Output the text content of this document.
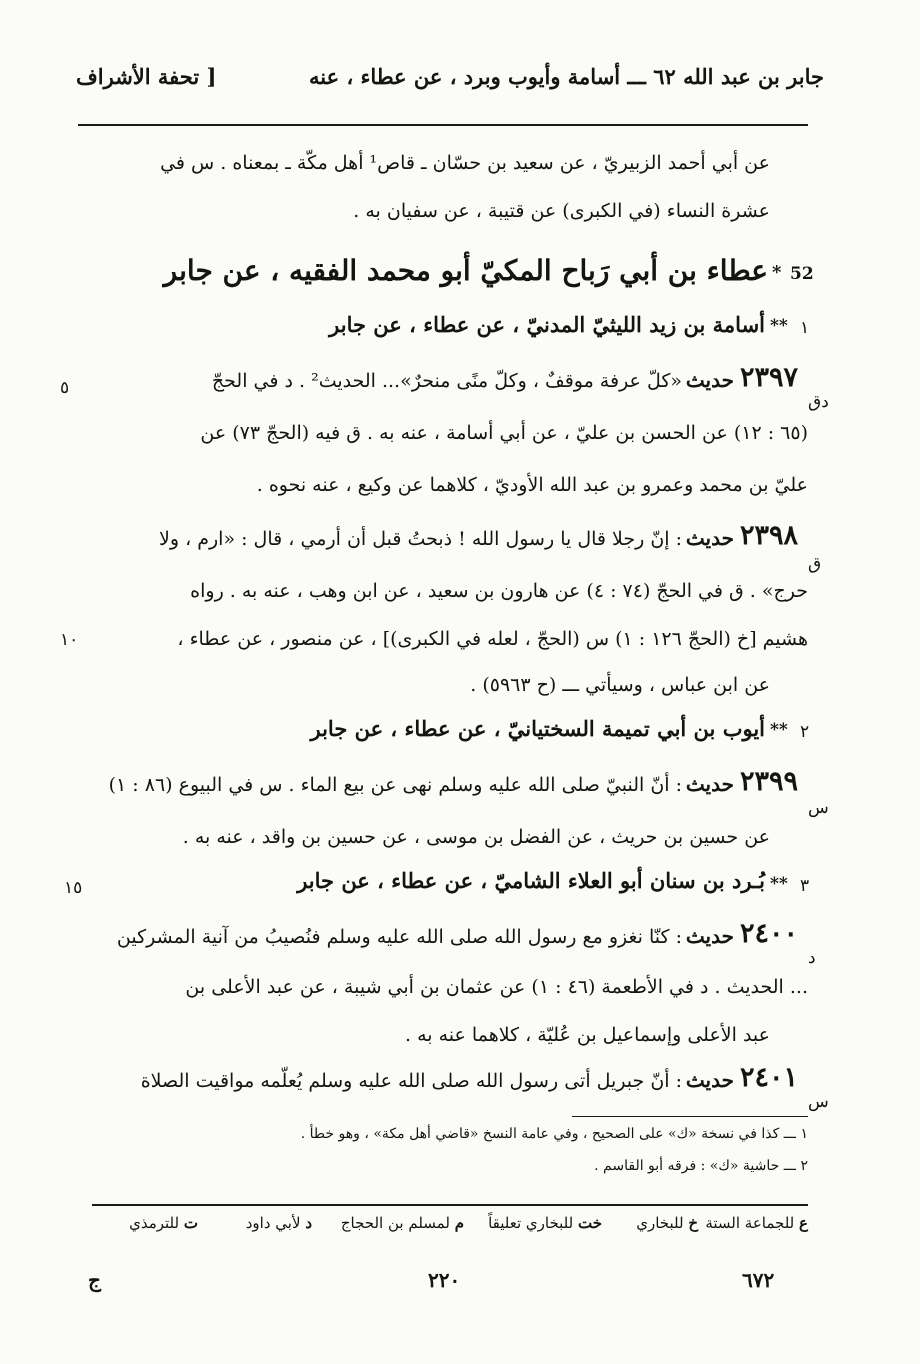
جابر بن عبد الله ٦٢ ـــ أسامة وأيوب وبرد ، عن عطاء ، عنه
[ تحفة الأشراف
عن أبي أحمد الزبيريّ ، عن سعيد بن حسّان ـ قاص¹ أهل مكّة ـ بمعناه . س في
عشرة النساء (في الكبرى) عن قتيبة ، عن سفيان به .
52
*
عطاء بن أبي رَباح المكيّ أبو محمد الفقيه ، عن جابر
١
**
أسامة بن زيد الليثيّ المدنيّ ، عن عطاء ، عن جابر
٢٣٩٧
حديث
دق
«كلّ عرفة موقفٌ ، وكلّ منًى منحرٌ»... الحديث² . د في الحجّ
(٦٥ : ١٢) عن الحسن بن عليّ ، عن أبي أسامة ، عنه به . ق فيه (الحجّ ٧٣) عن
عليّ بن محمد وعمرو بن عبد الله الأوديّ ، كلاهما عن وكيع ، عنه نحوه .
٥
٢٣٩٨
حديث
ق
: إنّ رجلا قال يا رسول الله ! ذبحتُ قبل أن أرمي ، قال : «ارم ، ولا
حرج» . ق في الحجّ (٧٤ : ٤) عن هارون بن سعيد ، عن ابن وهب ، عنه به . رواه
هشيم [خ (الحجّ ١٢٦ : ١) س (الحجّ ، لعله في الكبرى)] ، عن منصور ، عن عطاء ،
عن ابن عباس ، وسيأتي ـــ (ح ٥٩٦٣) .
٢
**
أيوب بن أبي تميمة السختيانيّ ، عن عطاء ، عن جابر
٢٣٩٩
حديث
س
: أنّ النبيّ صلى الله عليه وسلم نهى عن بيع الماء . س في البيوع (٨٦ : ١)
عن حسين بن حريث ، عن الفضل بن موسى ، عن حسين بن واقد ، عنه به .
٣
**
بُـرد بن سنان أبو العلاء الشاميّ ، عن عطاء ، عن جابر
١٥
١٠
٢٤٠٠
حديث
د
: كنّا نغزو مع رسول الله صلى الله عليه وسلم فنُصيبُ من آنية المشركين
... الحديث . د في الأطعمة (٤٦ : ١) عن عثمان بن أبي شيبة ، عن عبد الأعلى بن
عبد الأعلى وإسماعيل بن عُليّة ، كلاهما عنه به .
٢٤٠١
حديث
س
: أنّ جبريل أتى رسول الله صلى الله عليه وسلم يُعلّمه مواقيت الصلاة
١ ـــ كذا في نسخة «ك» على الصحيح ، وفي عامة النسخ «قاضي أهل مكة» ، وهو خطأ .
٢ ـــ حاشية «ك» : فرقه أبو القاسم .
ع للجماعة الستة
خ للبخاري
خت للبخاري تعليقاً
م لمسلم بن الحجاج
د لأبي داود
ت للترمذي
٦٧٢
٢٢٠
ج
